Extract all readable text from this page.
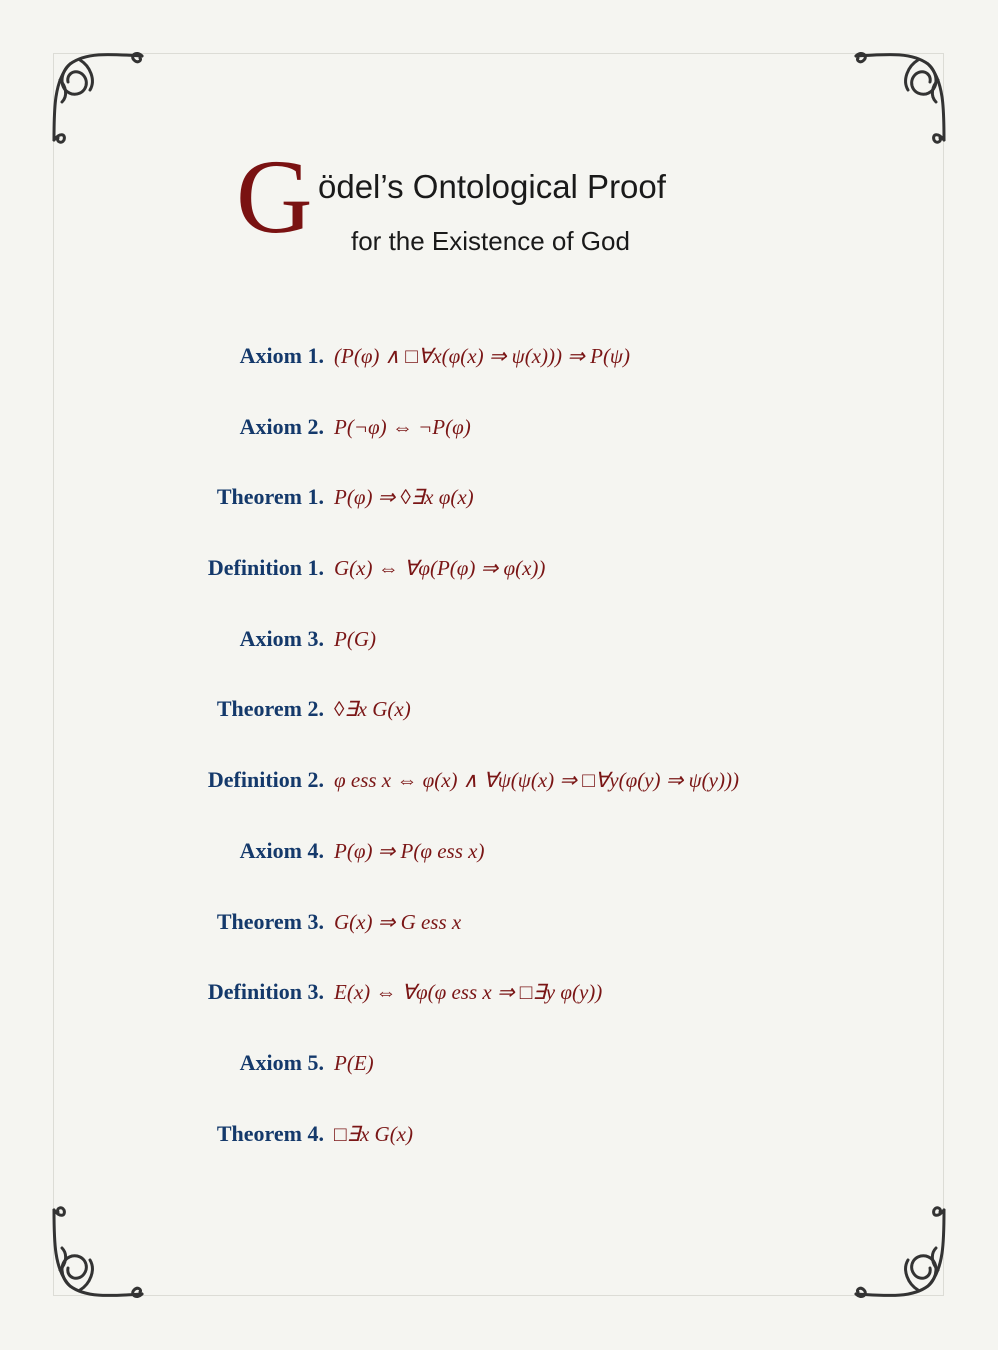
G ödel’s Ontological Proof
for the Existence of God
Axiom 1. (P(φ) ∧ □∀x(φ(x) ⇒ ψ(x))) ⇒ P(ψ)
Axiom 2. P(¬φ) ⇔ ¬P(φ)
Theorem 1. P(φ) ⇒ ◊∃x φ(x)
Definition 1. G(x) ⇔ ∀φ(P(φ) ⇒ φ(x))
Axiom 3. P(G)
Theorem 2. ◊∃x G(x)
Definition 2. φ ess x ⇔ φ(x) ∧ ∀ψ(ψ(x) ⇒ □∀y(φ(y) ⇒ ψ(y)))
Axiom 4. P(φ) ⇒ P(φ ess x)
Theorem 3. G(x) ⇒ G ess x
Definition 3. E(x) ⇔ ∀φ(φ ess x ⇒ □∃y φ(y))
Axiom 5. P(E)
Theorem 4. □∃x G(x)
